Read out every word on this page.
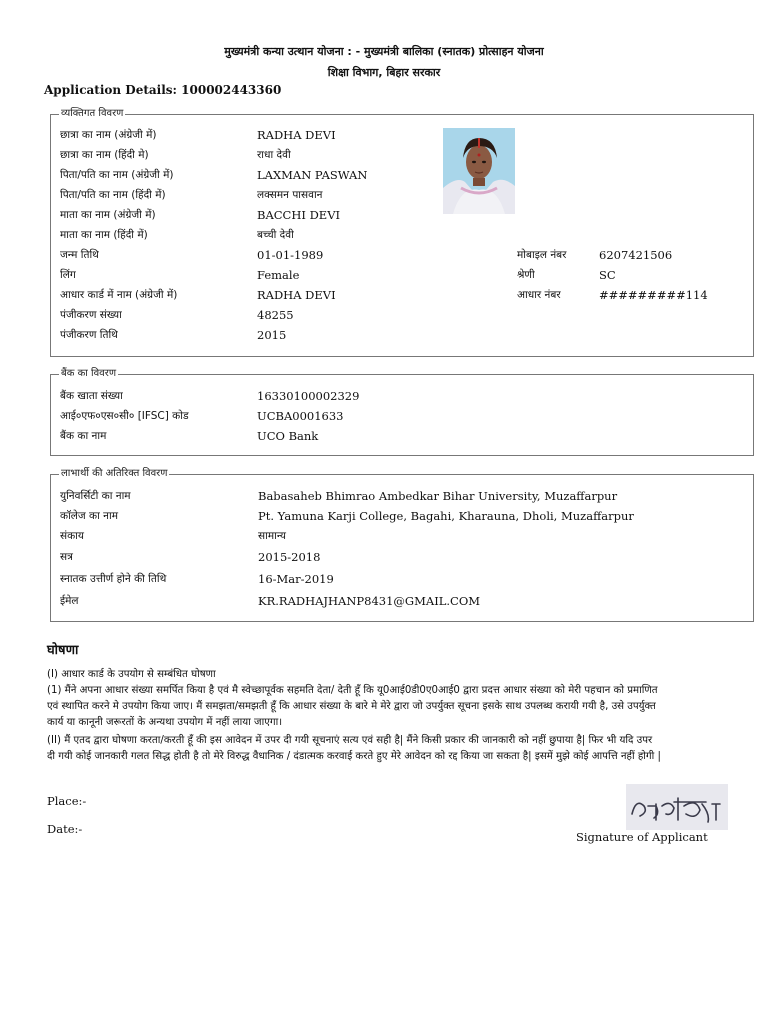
मुख्यमंत्री कन्या उत्थान योजना : - मुख्यमंत्री बालिका (स्नातक) प्रोत्साहन योजना
शिक्षा विभाग, बिहार सरकार
Application Details: 100002443360
व्यक्तिगत विवरण
छात्रा का नाम (अंग्रेजी में)	RADHA DEVI
छात्रा का नाम (हिंदी मे)	राधा देवी
पिता/पति का नाम (अंग्रेजी में)	LAXMAN PASWAN
पिता/पति का नाम (हिंदी में)	लक्समन पासवान
माता का नाम (अंग्रेजी में)	BACCHI DEVI
माता का नाम (हिंदी में)	बच्ची देवी
जन्म तिथि	01-01-1989
लिंग	Female
आधार कार्ड में नाम (अंग्रेजी में)	RADHA DEVI
पंजीकरण संख्या	48255
पंजीकरण तिथि	2015
मोबाइल नंबर	6207421506
श्रेणी	SC
आधार नंबर	#########114
बैंक का विवरण
बैंक खाता संख्या	16330100002329
आई०एफ०एस०सी० [IFSC] कोड	UCBA0001633
बैंक का नाम	UCO Bank
लाभार्थी की अतिरिक्त विवरण
युनिवर्सिटी का नाम	Babasaheb Bhimrao Ambedkar Bihar University, Muzaffarpur
कॉलेज का नाम	Pt. Yamuna Karji College, Bagahi, Kharauna, Dholi, Muzaffarpur
संकाय	सामान्य
सत्र	2015-2018
स्नातक उत्तीर्ण होने की तिथि	16-Mar-2019
ईमेल	KR.RADHAJHANP8431@GMAIL.COM
घोषणा
(I) आधार कार्ड के उपयोग से सम्बंधित घोषणा
(1) मैंने अपना आधार संख्या समर्पित किया है एवं मै स्वेच्छापूर्वक सहमति देता/ देती हूँ कि यू0आई0डी0ए0आई0 द्वारा प्रदत्त आधार संख्या को मेरी पहचान को प्रमाणित
एवं स्थापित करने मे उपयोग किया जाए। मैं समझता/समझती हूँ कि आधार संख्या के बारे मे मेरे द्वारा जो उपर्युक्त सूचना इसके साथ उपलब्ध करायी गयी है, उसे उपर्युक्त
कार्य या कानूनी जरूरतों के अन्यथा उपयोग में नहीं लाया जाएगा।
(II) मैं एतद द्वारा घोषणा करता/करती हूँ की इस आवेदन में उपर दी गयी सूचनाएं सत्य एवं सही है| मैंने किसी प्रकार की जानकारी को नहीं छुपाया है| फिर भी यदि उपर
दी गयी कोई जानकारी गलत सिद्ध होती है तो मेरे विरुद्ध वैधानिक / दंडात्मक करवाई करते हुए मेरे आवेदन को रद्द किया जा सकता है| इसमें मुझे कोई आपत्ति नहीं होगी |
Place:-
Date:-
Signature of Applicant
